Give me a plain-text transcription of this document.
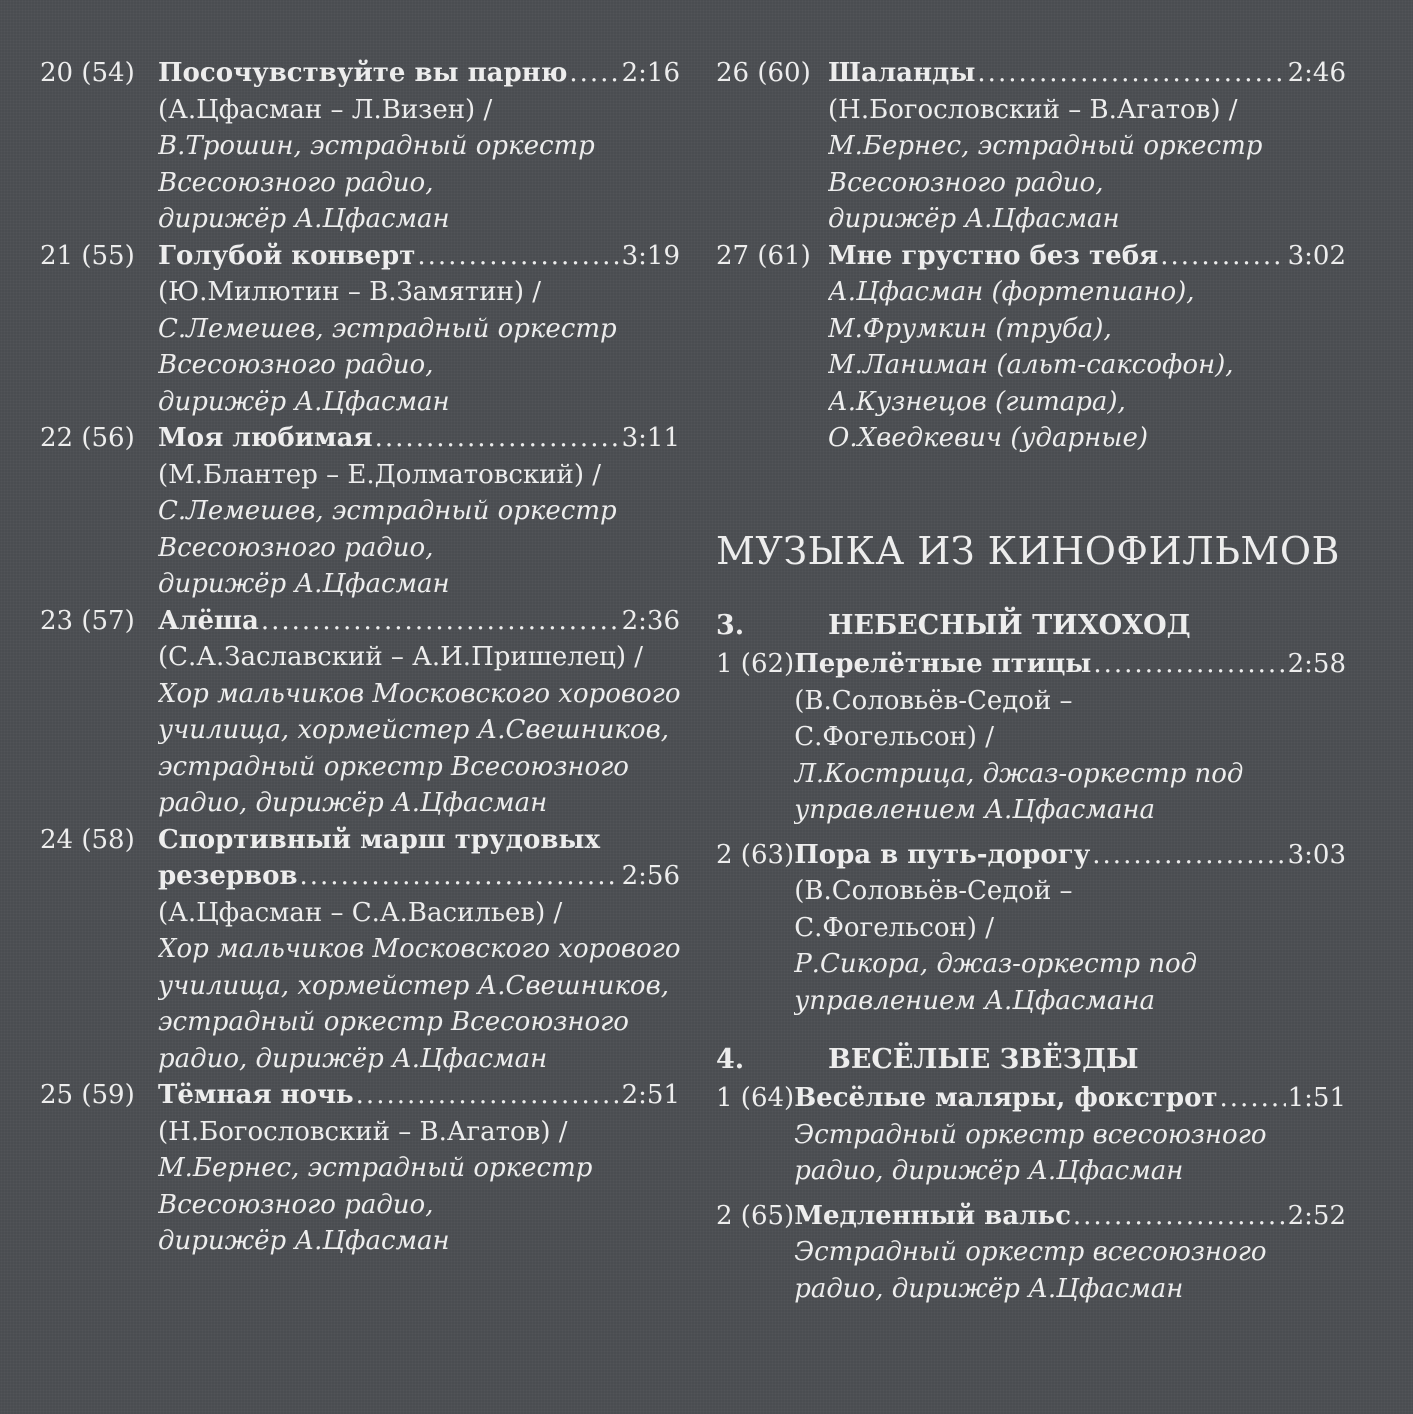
20 (54) Посочувствуйте вы парню ..... 2:16
(А.Цфасман – Л.Визен) /
В.Трошин, эстрадный оркестр
Всесоюзного радио,
дирижёр А.Цфасман
21 (55) Голубой конверт .....	3:19
(Ю.Милютин – В.Замятин) /
С.Лемешев, эстрадный оркестр
Всесоюзного радио,
дирижёр А.Цфасман
22 (56) Моя любимая .....	3:11
(М.Блантер – Е.Долматовский) /
С.Лемешев, эстрадный оркестр
Всесоюзного радио,
дирижёр А.Цфасман
23 (57) Алёша .....	2:36
(С.А.Заславский – А.И.Пришелец) /
Хор мальчиков Московского хорового
училища, хормейстер А.Свешников,
эстрадный оркестр Всесоюзного
радио, дирижёр А.Цфасман
24 (58) Спортивный марш трудовых
резервов .....	2:56
(А.Цфасман – С.А.Васильев) /
Хор мальчиков Московского хорового
училища, хормейстер А.Свешников,
эстрадный оркестр Всесоюзного
радио, дирижёр А.Цфасман
25 (59) Тёмная ночь .....	2:51
(Н.Богословский – В.Агатов) /
М.Бернес, эстрадный оркестр
Всесоюзного радио,
дирижёр А.Цфасман
26 (60) Шаланды .....	2:46
(Н.Богословский – В.Агатов) /
М.Бернес, эстрадный оркестр
Всесоюзного радио,
дирижёр А.Цфасман
27 (61) Мне грустно без тебя .....	3:02
А.Цфасман (фортепиано),
М.Фрумкин (труба),
М.Ланиман (альт-саксофон),
А.Кузнецов (гитара),
О.Хведкевич (ударные)
МУЗЫКА ИЗ КИНОФИЛЬМОВ
3.	НЕБЕСНЫЙ ТИХОХОД
1 (62) Перелётные птицы .....	2:58
(В.Соловьёв-Седой –
С.Фогельсон) /
Л.Кострица, джаз-оркестр под
управлением А.Цфасмана
2 (63) Пора в путь-дорогу .....	3:03
(В.Соловьёв-Седой –
С.Фогельсон) /
Р.Сикора, джаз-оркестр под
управлением А.Цфасмана
4.	ВЕСЁЛЫЕ ЗВЁЗДЫ
1 (64) Весёлые маляры, фокстрот .....	1:51
Эстрадный оркестр всесоюзного
радио, дирижёр А.Цфасман
2 (65) Медленный вальс .....	2:52
Эстрадный оркестр всесоюзного
радио, дирижёр А.Цфасман
